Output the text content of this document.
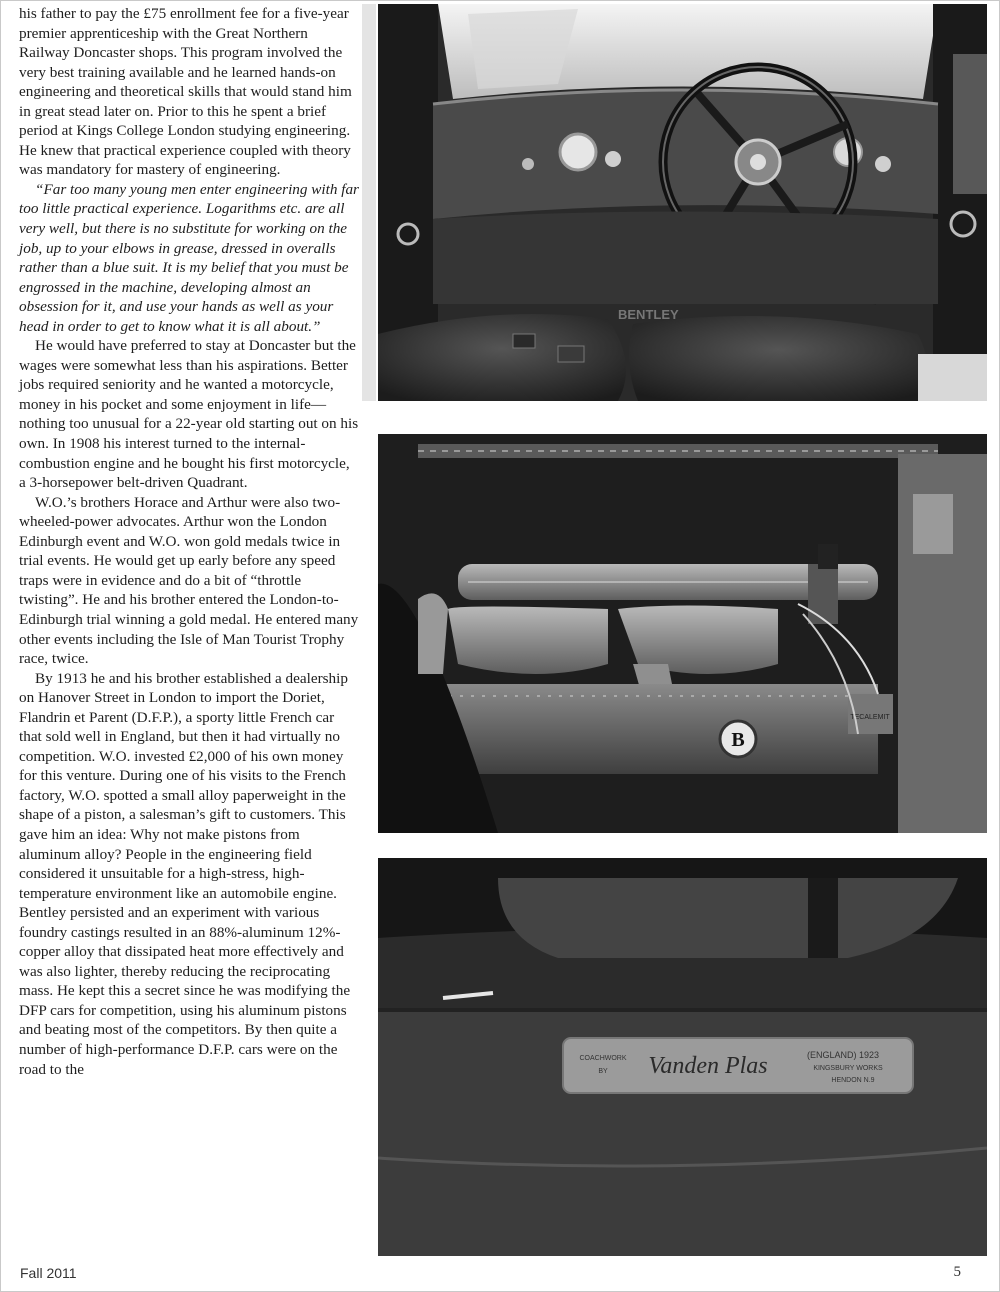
his father to pay the £75 enrollment fee for a five-year premier apprenticeship with the Great Northern Railway Doncaster shops. This program involved the very best training available and he learned hands-on engineering and theoretical skills that would stand him in great stead later on. Prior to this he spent a brief period at Kings College London studying engineering. He knew that practical experience coupled with theory was mandatory for mastery of engineering.

“Far too many young men enter engineering with far too little practical experience. Logarithms etc. are all very well, but there is no substitute for working on the job, up to your elbows in grease, dressed in overalls rather than a blue suit. It is my belief that you must be engrossed in the machine, developing almost an obsession for it, and use your hands as well as your head in order to get to know what it is all about.”

He would have preferred to stay at Doncaster but the wages were somewhat less than his aspirations. Better jobs required seniority and he wanted a motorcycle, money in his pocket and some enjoyment in life—nothing too unusual for a 22-year old starting out on his own. In 1908 his interest turned to the internal-combustion engine and he bought his first motorcycle, a 3-horsepower belt-driven Quadrant.

W.O.’s brothers Horace and Arthur were also two-wheeled-power advocates. Arthur won the London Edinburgh event and W.O. won gold medals twice in trial events. He would get up early before any speed traps were in evidence and do a bit of “throttle twisting”. He and his brother entered the London-to-Edinburgh trial winning a gold medal. He entered many other events including the Isle of Man Tourist Trophy race, twice.

By 1913 he and his brother established a dealership on Hanover Street in London to import the Doriet, Flandrin et Parent (D.F.P.), a sporty little French car that sold well in England, but then it had virtually no competition. W.O. invested £2,000 of his own money for this venture. During one of his visits to the French factory, W.O. spotted a small alloy paperweight in the shape of a piston, a salesman’s gift to customers. This gave him an idea: Why not make pistons from aluminum alloy? People in the engineering field considered it unsuitable for a high-stress, high-temperature environment like an automobile engine. Bentley persisted and an experiment with various foundry castings resulted in an 88%-aluminum 12%-copper alloy that dissipated heat more effectively and was also lighter, thereby reducing the reciprocating mass. He kept this a secret since he was modifying the DFP cars for competition, using his aluminum pistons and beating most of the competitors. By then quite a number of high-performance D.F.P. cars were on the road to the

BENTLEY
B
TECALEMIT
COACHWORK
BY Vanden Plas	(ENGLAND) 1923
KINGSBURY WORKS
HENDON N.9
Fall 2011	5
